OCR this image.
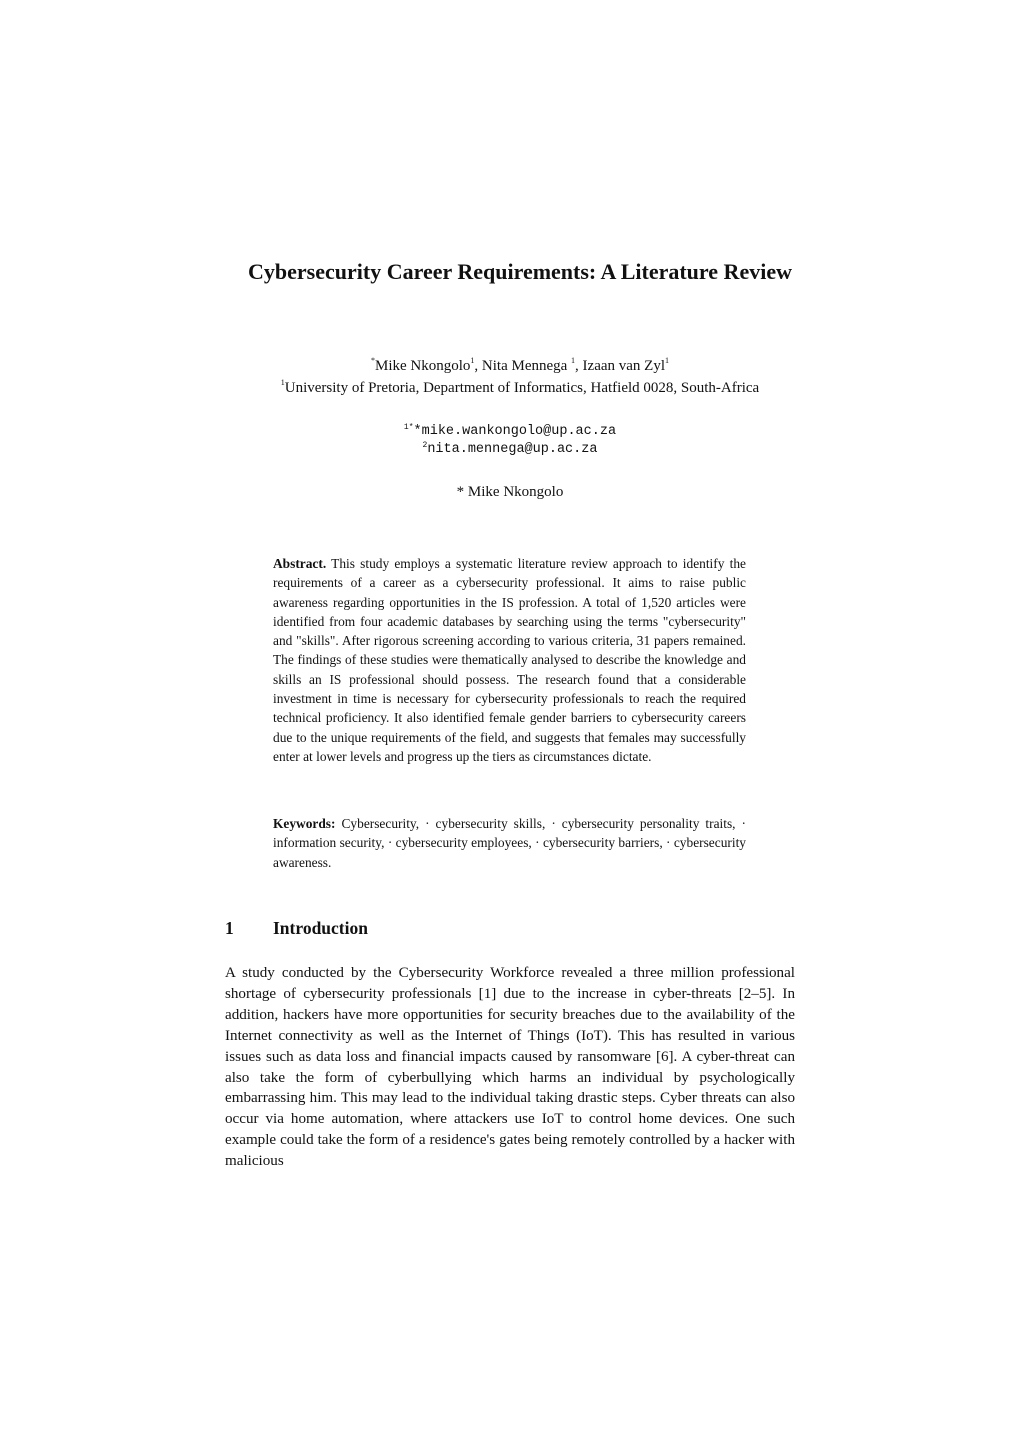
Cybersecurity Career Requirements: A Literature Review
*Mike Nkongolo$^1$, Nita Mennega $^1$, Izaan van Zyl$^1$
$^1$University of Pretoria, Department of Informatics, Hatfield 0028, South-Africa
$^{1*}$*mike.wankongolo@up.ac.za
$^2$nita.mennega@up.ac.za
* Mike Nkongolo

Abstract. This study employs a systematic literature review approach to identify the requirements of a career as a cybersecurity professional. It aims to raise public awareness regarding opportunities in the IS profession. A total of 1,520 articles were identified from four academic databases by searching using the terms "cybersecurity" and "skills". After rigorous screening according to various criteria, 31 papers remained. The findings of these studies were thematically analysed to describe the knowledge and skills an IS professional should possess. The research found that a considerable investment in time is necessary for cybersecurity professionals to reach the required technical proficiency. It also identified female gender barriers to cybersecurity careers due to the unique requirements of the field, and suggests that females may successfully enter at lower levels and progress up the tiers as circumstances dictate.

Keywords: Cybersecurity, · cybersecurity skills, · cybersecurity personality traits, · information security, · cybersecurity employees, · cybersecurity barriers, · cybersecurity awareness.

1 Introduction

A study conducted by the Cybersecurity Workforce revealed a three million professional shortage of cybersecurity professionals [1] due to the increase in cyber-threats [2–5]. In addition, hackers have more opportunities for security breaches due to the availability of the Internet connectivity as well as the Internet of Things (IoT). This has resulted in various issues such as data loss and financial impacts caused by ransomware [6]. A cyber-threat can also take the form of cyberbullying which harms an individual by psychologically embarrassing him. This may lead to the individual taking drastic steps. Cyber threats can also occur via home automation, where attackers use IoT to control home devices. One such example could take the form of a residence's gates being remotely controlled by a hacker with malicious
